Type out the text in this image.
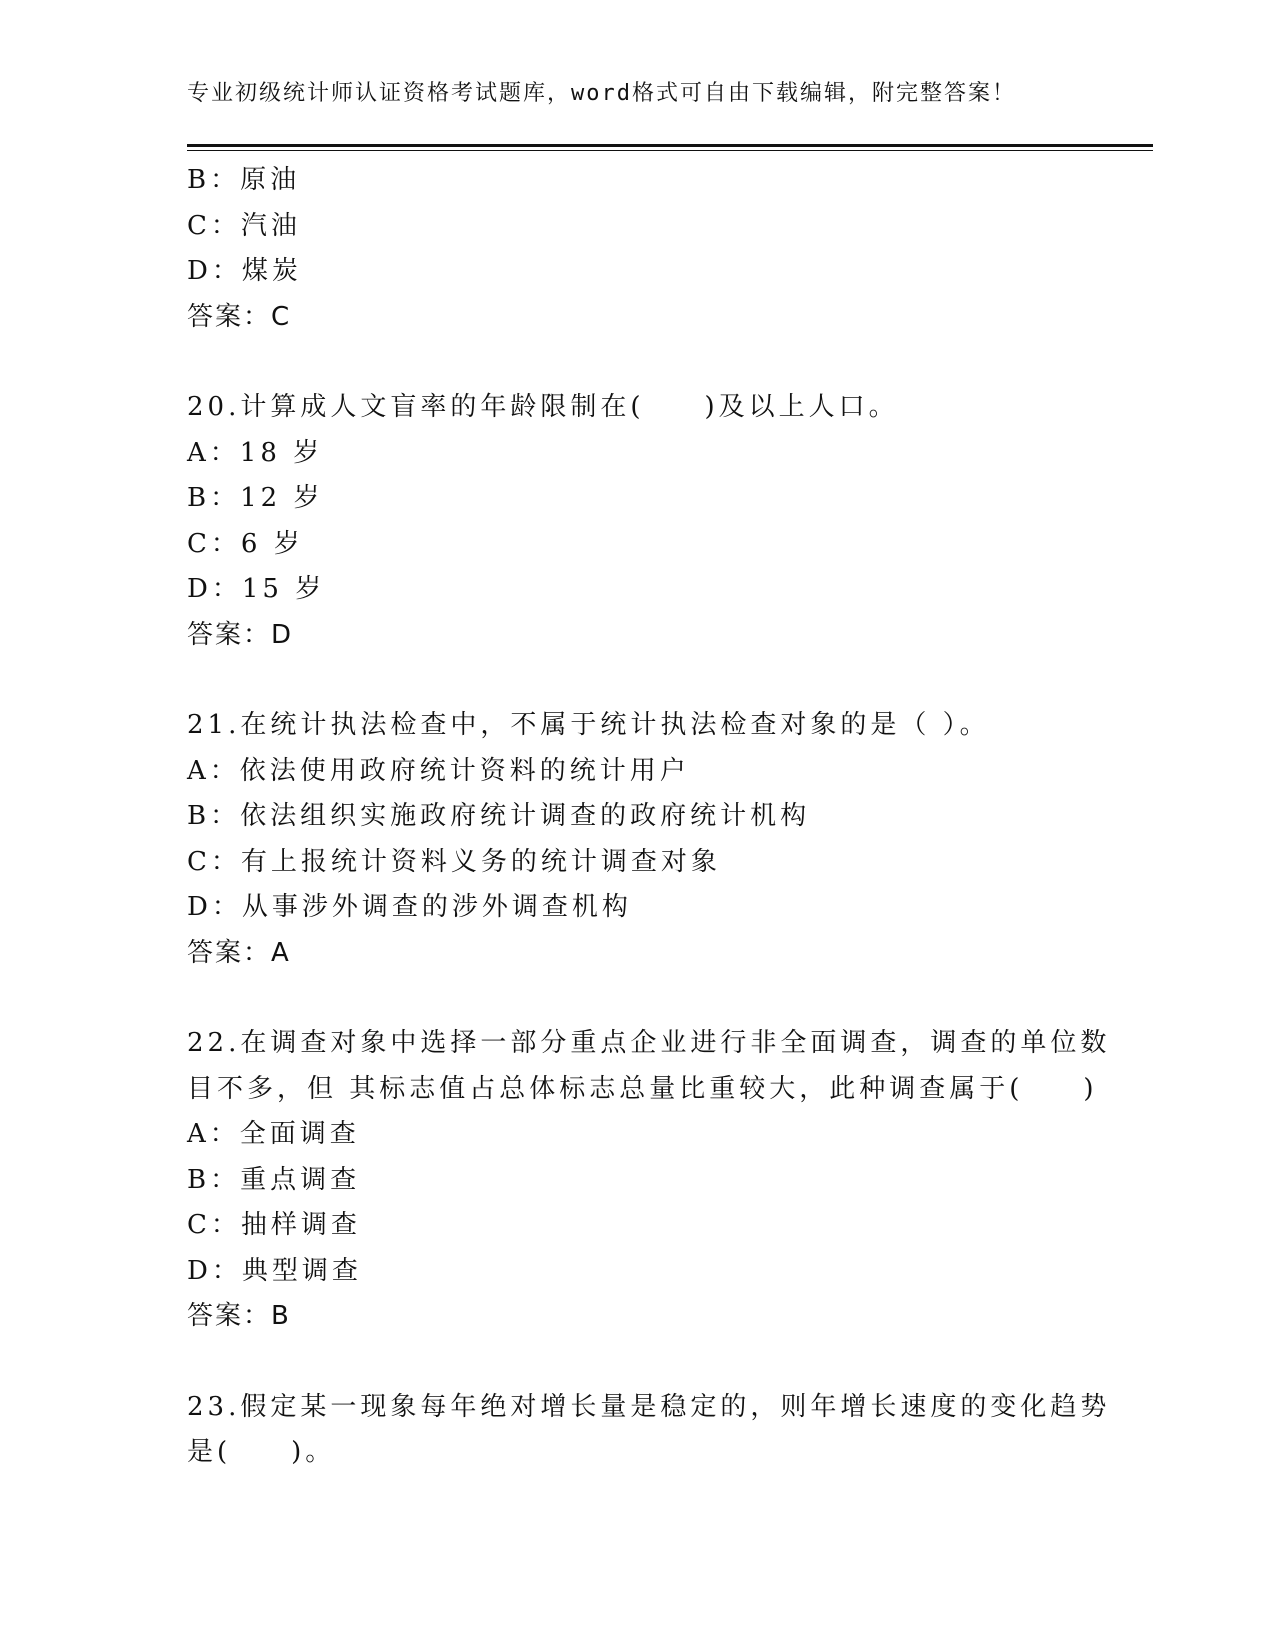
专业初级统计师认证资格考试题库，word格式可自由下载编辑，附完整答案！
B：原油
C：汽油
D：煤炭
答案：C
20.计算成人文盲率的年龄限制在(　　)及以上人口。
A：18 岁
B：12 岁
C：6 岁
D：15 岁
答案：D
21.在统计执法检查中，不属于统计执法检查对象的是（ ）。
A：依法使用政府统计资料的统计用户
B：依法组织实施政府统计调查的政府统计机构
C：有上报统计资料义务的统计调查对象
D：从事涉外调查的涉外调查机构
答案：A
22.在调查对象中选择一部分重点企业进行非全面调查，调查的单位数
目不多，但 其标志值占总体标志总量比重较大，此种调查属于(　　)
A：全面调查
B：重点调查
C：抽样调查
D：典型调查
答案：B
23.假定某一现象每年绝对增长量是稳定的，则年增长速度的变化趋势
是(　　)。
